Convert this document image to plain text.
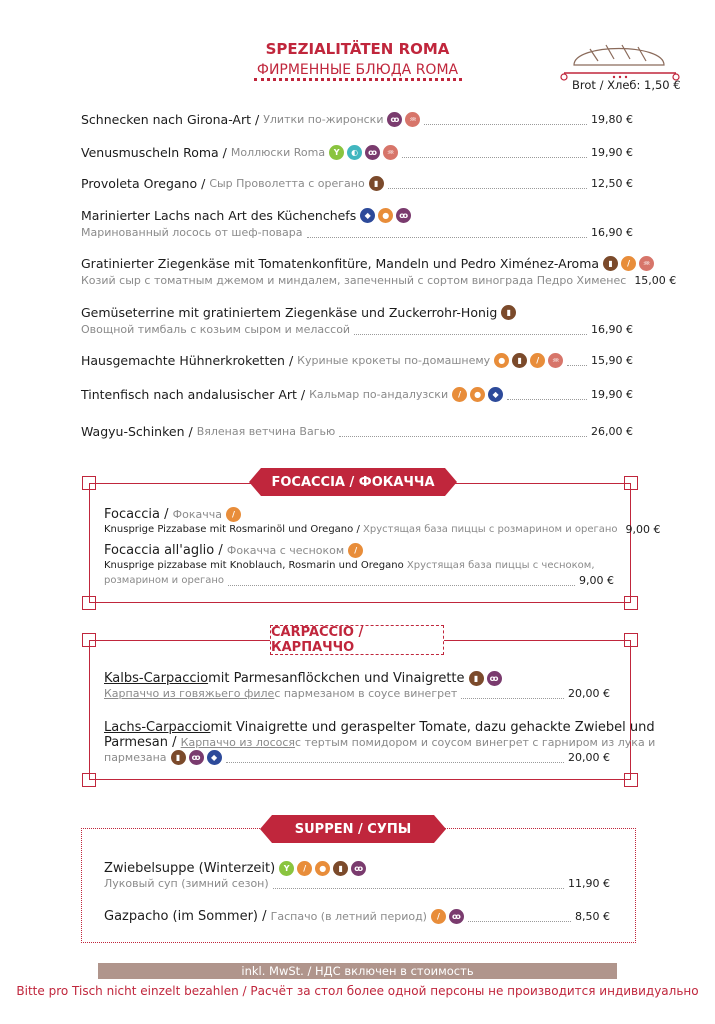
SPEZIALITÄTEN ROMA
ФИРМЕННЫЕ БЛЮДА ROMA
Brot / Хлеб: 1,50 €
Schnecken nach Girona-Art / Улитки по-жиронски ꝏ	♒	19,80 €
Venusmuscheln Roma / Моллюски Roma	Y	◐	ꝏ	♒	19,90 €
Provoleta Oregano / Сыр Проволетта с орегано	▮	12,50 €
Marinierter Lachs nach Art des Küchenchefs	◆	●	ꝏ
Маринованный лосось от шеф-повара	16,90 €
Gratinierter Ziegenkäse mit Tomatenkonfitüre, Mandeln und Pedro Ximénez-Aroma	▮	/	♒
Козий сыр с томатным джемом и миндалем, запеченный с сортом винограда Педро Хименес 15,00 €
Gemüseterrine mit gratiniertem Ziegenkäse und Zuckerrohr-Honig	▮
Овощной тимбаль с козьим сыром и мелассой	16,90 €
Hausgemachte Hühnerkroketten / Куриные крокеты по-домашнему	●	▮	/	♒	15,90 €
Tintenfisch nach andalusischer Art / Кальмар по-андалузски	/	●	◆	19,90 €
Wagyu-Schinken / Вяленая ветчина Вагью	26,00 €
FOCACCIA / ФОКАЧЧА
Focaccia / Фокачча	/
Knusprige Pizzabase mit Rosmarinöl und Oregano / Хрустящая база пиццы с розмарином и орегано 9,00 €
Focaccia all'aglio / Фокачча с чесноком	/
Knusprige pizzabase mit Knoblauch, Rosmarin und Oregano
Хрустящая база пиццы с чесноком,
розмарином и орегано	9,00 €
CARPACCIO / КАРПАЧЧО
Kalbs-Carpaccio mit Parmesanflöckchen und Vinaigrette	▮	ꝏ
Карпаччо из говяжьего филе с пармезаном в соусе винегрет	20,00 €
Lachs-Carpaccio mit Vinaigrette und geraspelter Tomate, dazu gehackte Zwiebel und
Parmesan / Карпаччо из лосося с тертым помидором и соусом винегрет с гарниром из лука и
пармезана	▮	ꝏ	◆	20,00 €
SUPPEN / СУПЫ
Zwiebelsuppe (Winterzeit)	Y	/	●	▮	ꝏ
Луковый суп (зимний сезон)	11,90 €
Gazpacho (im Sommer) / Гаспачо (в летний период)	/	ꝏ	8,50 €
inkl. MwSt. / НДС включен в стоимость
Bitte pro Tisch nicht einzelt bezahlen / Расчёт за стол более одной персоны не производится индивидуально
